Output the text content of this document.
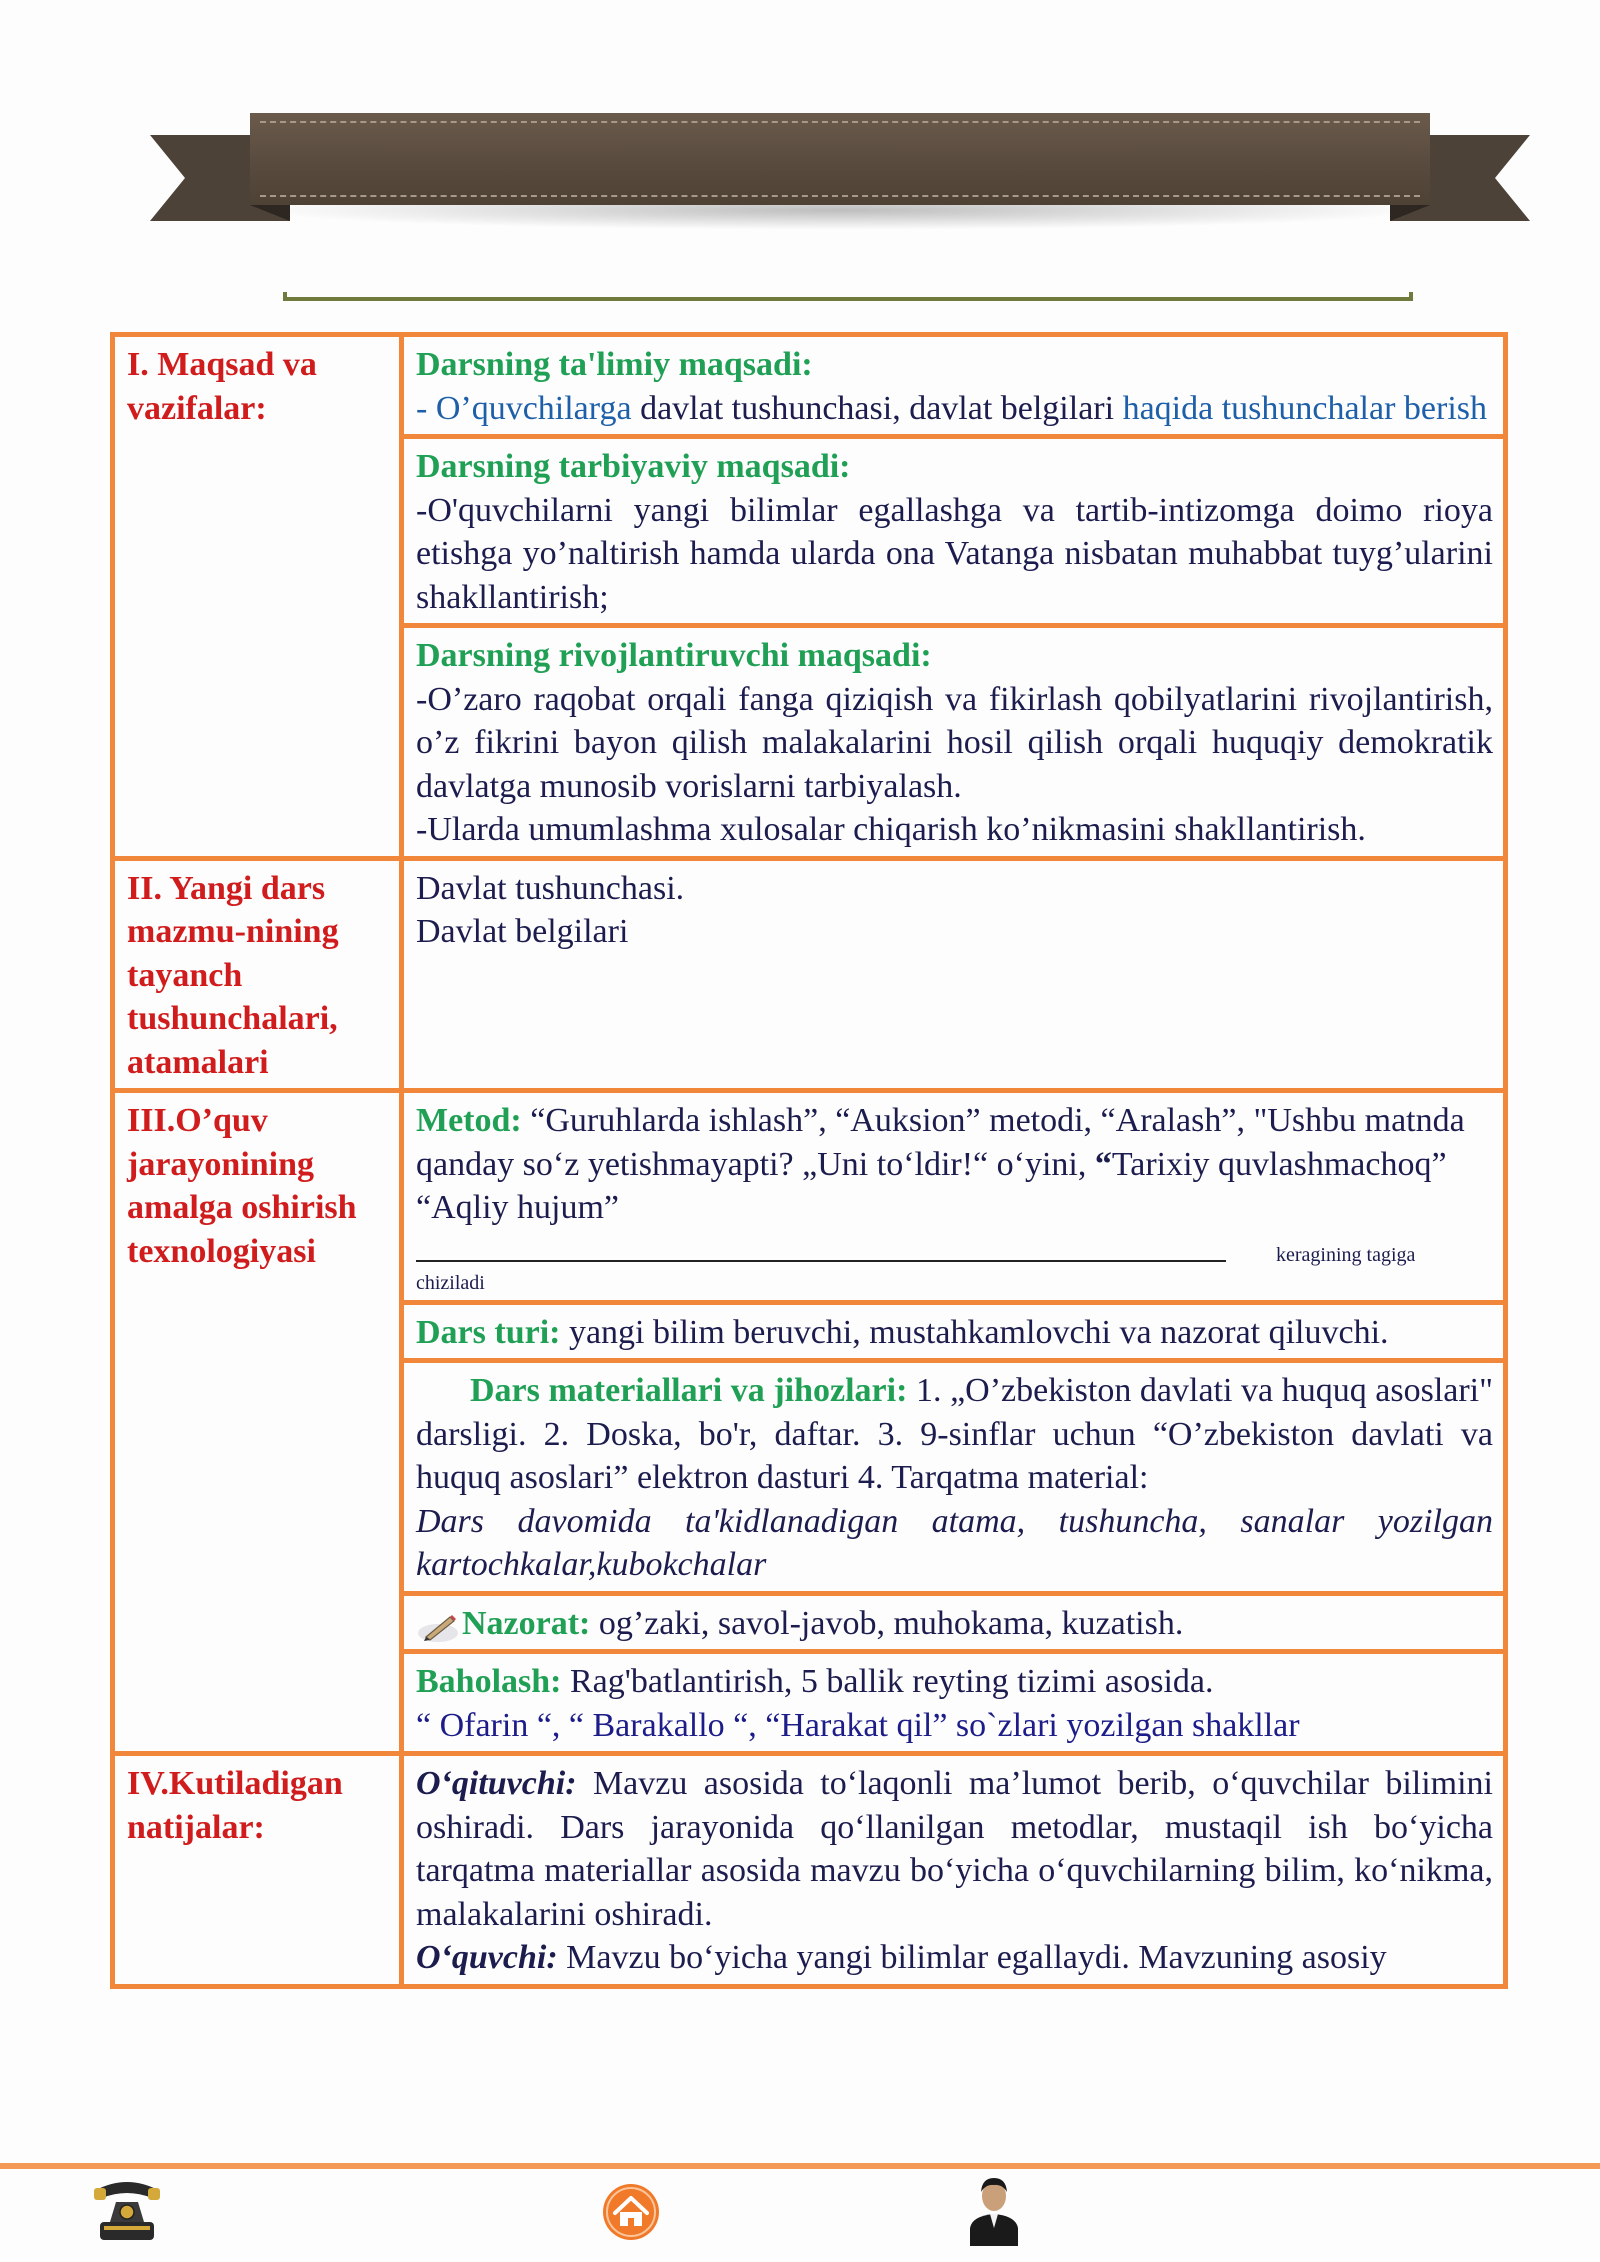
I. Maqsad va vazifalar:	Darsning ta'limiy maqsadi:
- O’quvchilarga davlat tushunchasi, davlat belgilari haqida tushunchalar berish

	Darsning tarbiyaviy maqsadi:
-O'quvchilarni yangi bilimlar egallashga va tartib-intizomga doimo rioya etishga yo’naltirish hamda ularda ona Vatanga nisbatan muhabbat tuyg’ularini shakllantirish;

	Darsning rivojlantiruvchi maqsadi:
-O’zaro raqobat orqali fanga qiziqish va fikirlash qobilyatlarini rivojlantirish, o’z fikrini bayon qilish malakalarini hosil qilish orqali huquqiy demokratik davlatga munosib vorislarni tarbiyalash.
-Ularda umumlashma xulosalar chiqarish ko’nikmasini shakllantirish.

II. Yangi dars mazmu-nining tayanch tushunchalari, atamalari	Davlat tushunchasi.
Davlat belgilari

III.O’quv jarayonining amalga oshirish texnologiyasi	Metod: “Guruhlarda ishlash”, “Auksion” metodi, “Aralash”, "Ushbu matnda qanday so‘z yetishmayapti? „Uni to‘ldir!“ o‘yini, “Tarixiy quvlashmachoq” “Aqliy hujum”
keragining tagiga
chiziladi

	Dars turi: yangi bilim beruvchi, mustahkamlovchi va nazorat qiluvchi.

	Dars materiallari va jihozlari: 1. „O’zbekiston davlati va huquq asoslari" darsligi. 2. Doska, bo'r, daftar. 3. 9-sinflar uchun “O’zbekiston davlati va huquq asoslari” elektron dasturi 4. Tarqatma material:
Dars davomida ta'kidlanadigan atama, tushuncha, sanalar yozilgan kartochkalar,kubokchalar

	Nazorat: og’zaki, savol-javob, muhokama, kuzatish.

	Baholash: Rag'batlantirish, 5 ballik reyting tizimi asosida.
“ Ofarin “, “ Barakallo “, “Harakat qil” so`zlari yozilgan shakllar

IV.Kutiladigan natijalar:	O‘qituvchi: Mavzu asosida to‘laqonli ma’lumot berib, o‘quvchilar bilimini oshiradi. Dars jarayonida qo‘llanilgan metodlar, mustaqil ish bo‘yicha tarqatma materiallar asosida mavzu bo‘yicha o‘quvchilarning bilim, ko‘nikma, malakalarini oshiradi.
O‘quvchi: Mavzu bo‘yicha yangi bilimlar egallaydi. Mavzuning asosiy
